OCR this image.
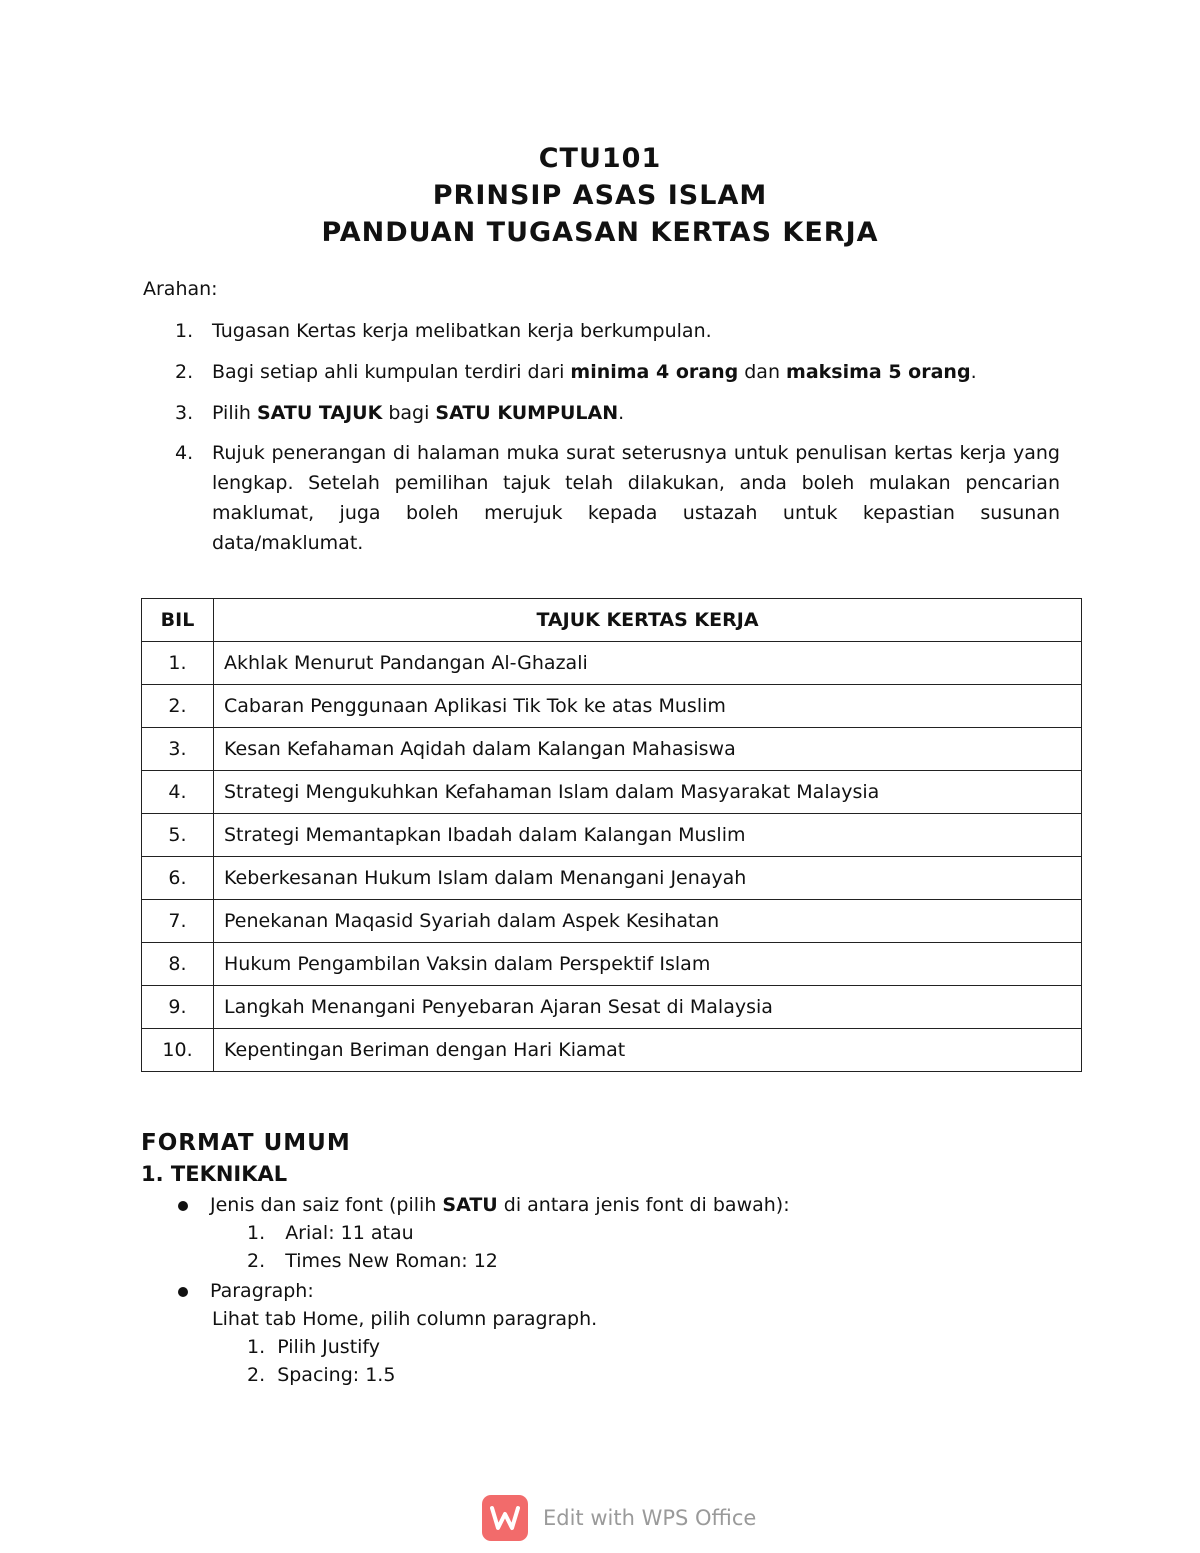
CTU101
PRINSIP ASAS ISLAM
PANDUAN TUGASAN KERTAS KERJA
Arahan:
1. Tugasan Kertas kerja melibatkan kerja berkumpulan.
2. Bagi setiap ahli kumpulan terdiri dari minima 4 orang dan maksima 5 orang.
3. Pilih SATU TAJUK bagi SATU KUMPULAN.
4. Rujuk penerangan di halaman muka surat seterusnya untuk penulisan kertas kerja yang lengkap. Setelah pemilihan tajuk telah dilakukan, anda boleh mulakan pencarian maklumat, juga boleh merujuk kepada ustazah untuk kepastian susunan data/maklumat.
BIL	TAJUK KERTAS KERJA
1.	Akhlak Menurut Pandangan Al-Ghazali
2.	Cabaran Penggunaan Aplikasi Tik Tok ke atas Muslim
3.	Kesan Kefahaman Aqidah dalam Kalangan Mahasiswa
4.	Strategi Mengukuhkan Kefahaman Islam dalam Masyarakat Malaysia
5.	Strategi Memantapkan Ibadah dalam Kalangan Muslim
6.	Keberkesanan Hukum Islam dalam Menangani Jenayah
7.	Penekanan Maqasid Syariah dalam Aspek Kesihatan
8.	Hukum Pengambilan Vaksin dalam Perspektif Islam
9.	Langkah Menangani Penyebaran Ajaran Sesat di Malaysia
10.	Kepentingan Beriman dengan Hari Kiamat
FORMAT UMUM
1. TEKNIKAL
Jenis dan saiz font (pilih SATU di antara jenis font di bawah):
1. Arial: 11 atau
2. Times New Roman: 12
Paragraph:
Lihat tab Home, pilih column paragraph.
1. Pilih Justify
2. Spacing: 1.5
Edit with WPS Office
